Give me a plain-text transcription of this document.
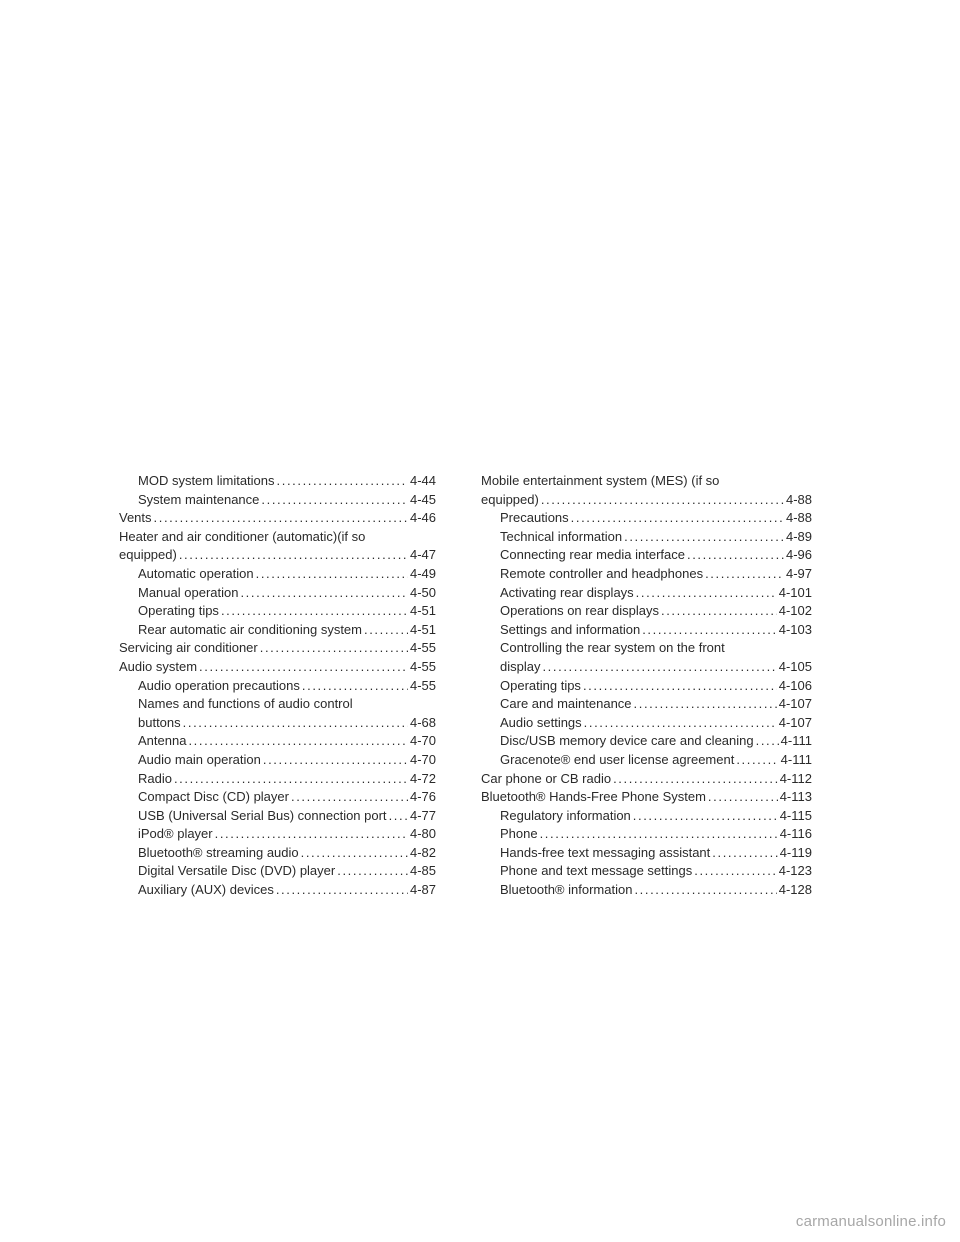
MOD system limitations .....	4-44
System maintenance .....	4-45
Vents .....	4-46
Heater and air conditioner (automatic)(if so
equipped) .....	4-47
Automatic operation .....	4-49
Manual operation .....	4-50
Operating tips .....	4-51
Rear automatic air conditioning system .....	4-51
Servicing air conditioner .....	4-55
Audio system .....	4-55
Audio operation precautions .....	4-55
Names and functions of audio control
buttons .....	4-68
Antenna .....	4-70
Audio main operation .....	4-70
Radio .....	4-72
Compact Disc (CD) player .....	4-76
USB (Universal Serial Bus) connection port ..... 4-77
iPod® player .....	4-80
Bluetooth® streaming audio .....	4-82
Digital Versatile Disc (DVD) player .....	4-85
Auxiliary (AUX) devices .....	4-87
Mobile entertainment system (MES) (if so
equipped) .....	4-88
Precautions .....	4-88
Technical information .....	4-89
Connecting rear media interface .....	4-96
Remote controller and headphones .....	4-97
Activating rear displays .....	4-101
Operations on rear displays .....	4-102
Settings and information .....	4-103
Controlling the rear system on the front
display .....	4-105
Operating tips .....	4-106
Care and maintenance .....	4-107
Audio settings .....	4-107
Disc/USB memory device care and cleaning ..... 4-111
Gracenote® end user license agreement .....	4-111
Car phone or CB radio .....	4-112
Bluetooth® Hands-Free Phone System .....	4-113
Regulatory information .....	4-115
Phone .....	4-116
Hands-free text messaging assistant .....	4-119
Phone and text message settings .....	4-123
Bluetooth® information .....	4-128
carmanualsonline.info
